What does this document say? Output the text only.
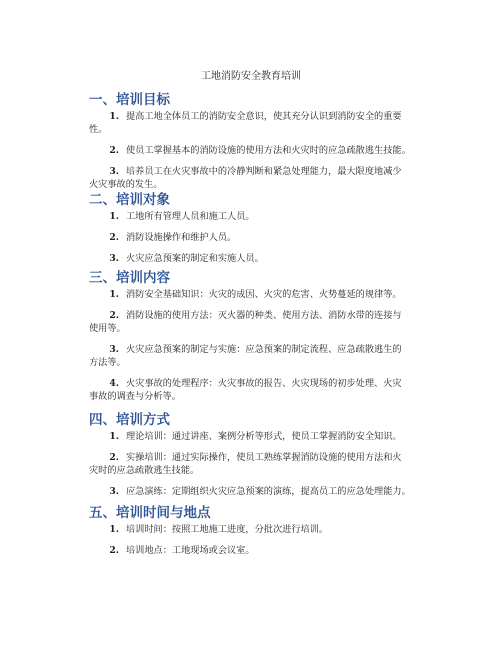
工地消防安全教育培训
一、培训目标
1. 提高工地全体员工的消防安全意识，使其充分认识到消防安全的重要
性。
2. 使员工掌握基本的消防设施的使用方法和火灾时的应急疏散逃生技能。
3. 培养员工在火灾事故中的冷静判断和紧急处理能力，最大限度地减少
火灾事故的发生。
二、培训对象
1. 工地所有管理人员和施工人员。
2. 消防设施操作和维护人员。
3. 火灾应急预案的制定和实施人员。
三、培训内容
1. 消防安全基础知识：火灾的成因、火灾的危害、火势蔓延的规律等。
2. 消防设施的使用方法：灭火器的种类、使用方法、消防水带的连接与
使用等。
3. 火灾应急预案的制定与实施：应急预案的制定流程、应急疏散逃生的
方法等。
4. 火灾事故的处理程序：火灾事故的报告、火灾现场的初步处理、火灾
事故的调查与分析等。
四、培训方式
1. 理论培训：通过讲座、案例分析等形式，使员工掌握消防安全知识。
2. 实操培训：通过实际操作，使员工熟练掌握消防设施的使用方法和火
灾时的应急疏散逃生技能。
3. 应急演练：定期组织火灾应急预案的演练，提高员工的应急处理能力。
五、培训时间与地点
1. 培训时间：按照工地施工进度，分批次进行培训。
2. 培训地点：工地现场或会议室。
